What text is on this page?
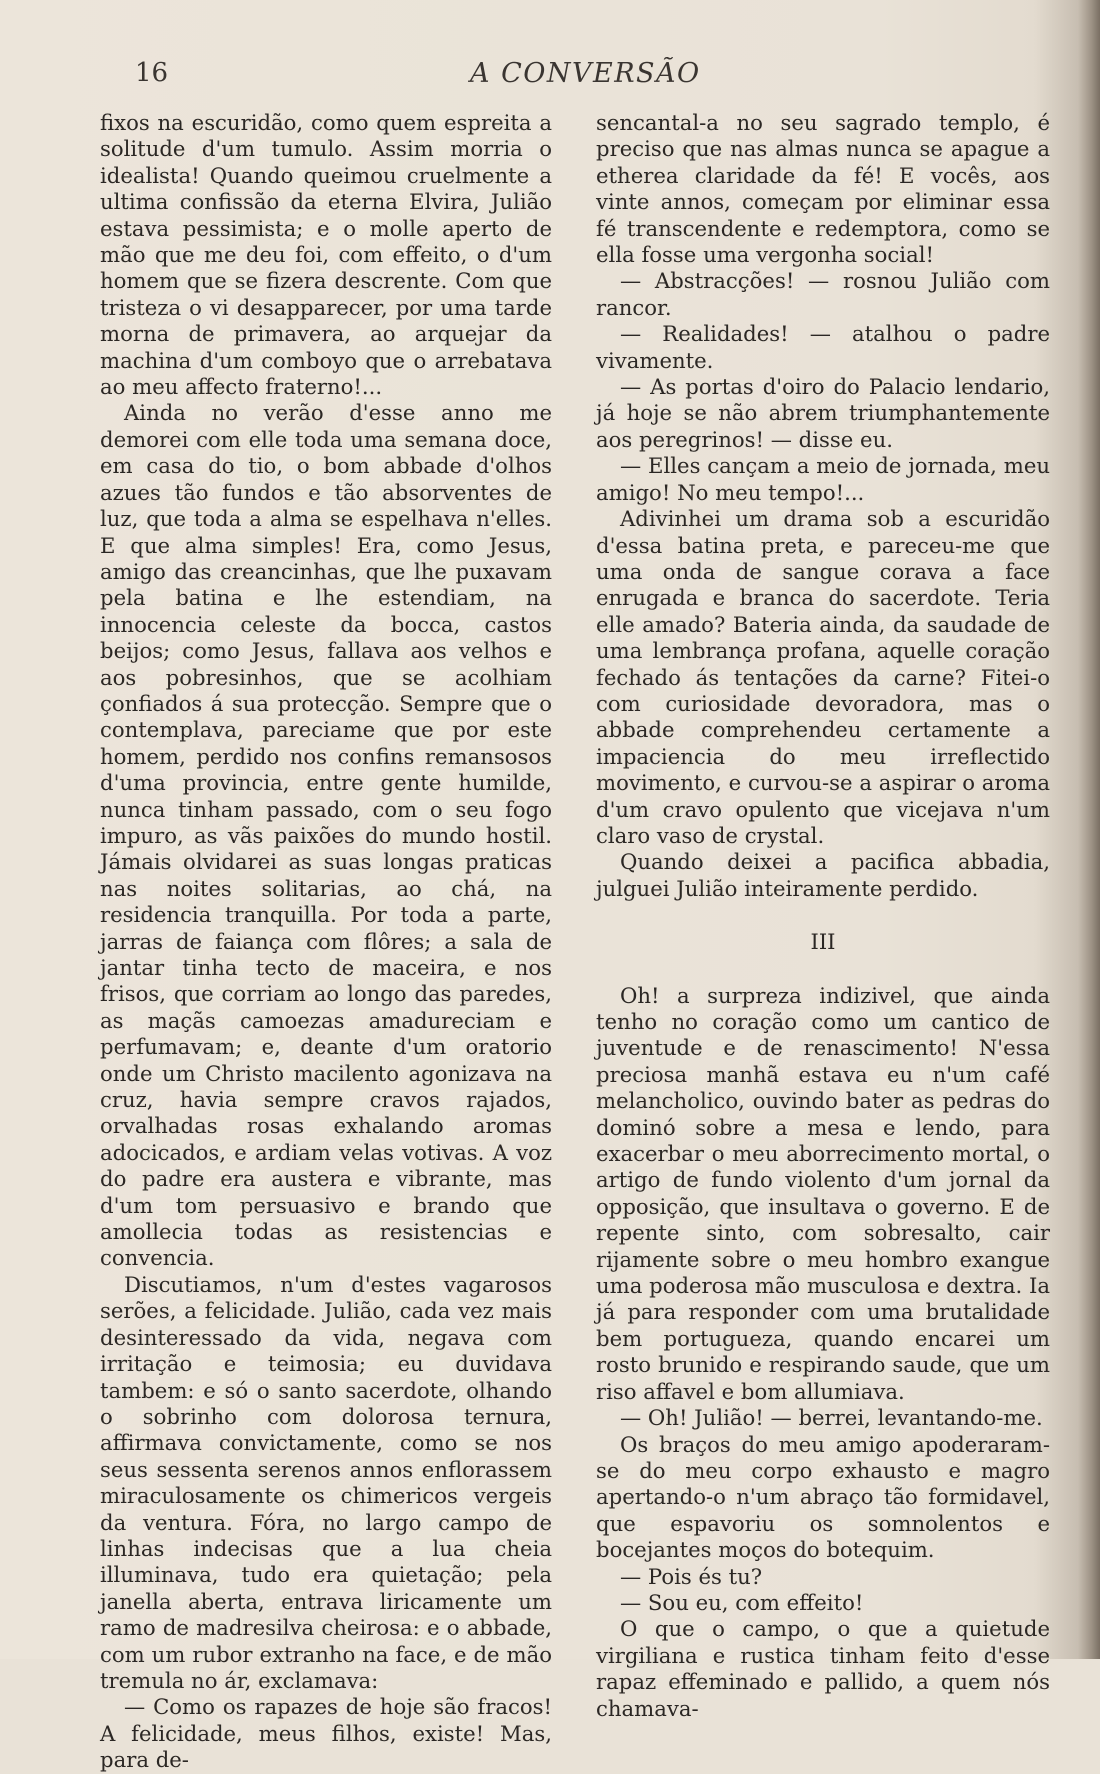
16	A CONVERSÃO

fixos na escuridão, como quem espreita a solitude d'um tumulo. Assim morria o idealista! Quando queimou cruelmente a ultima confissão da eterna Elvira, Julião estava pessimista; e o molle aperto de mão que me deu foi, com effeito, o d'um homem que se fizera descrente. Com que tristeza o vi desapparecer, por uma tarde morna de primavera, ao arquejar da machina d'um comboyo que o arrebatava ao meu affecto fraterno!...

Ainda no verão d'esse anno me demorei com elle toda uma semana doce, em casa do tio, o bom abbade d'olhos azues tão fundos e tão absorventes de luz, que toda a alma se espelhava n'elles. E que alma simples! Era, como Jesus, amigo das creancinhas, que lhe puxavam pela batina e lhe estendiam, na innocencia celeste da bocca, castos beijos; como Jesus, fallava aos velhos e aos pobresinhos, que se acolhiam çonfiados á sua protecção. Sempre que o contemplava, pareciame que por este homem, perdido nos confins remansosos d'uma provincia, entre gente humilde, nunca tinham passado, com o seu fogo impuro, as vãs paixões do mundo hostil. Jámais olvidarei as suas longas praticas nas noites solitarias, ao chá, na residencia tranquilla. Por toda a parte, jarras de faiança com flôres; a sala de jantar tinha tecto de maceira, e nos frisos, que corriam ao longo das paredes, as maçãs camoezas amadureciam e perfumavam; e, deante d'um oratorio onde um Christo macilento agonizava na cruz, havia sempre cravos rajados, orvalhadas rosas exhalando aromas adocicados, e ardiam velas votivas. A voz do padre era austera e vibrante, mas d'um tom persuasivo e brando que amollecia todas as resistencias e convencia.

Discutiamos, n'um d'estes vagarosos serões, a felicidade. Julião, cada vez mais desinteressado da vida, negava com irritação e teimosia; eu duvidava tambem: e só o santo sacerdote, olhando o sobrinho com dolorosa ternura, affirmava convictamente, como se nos seus sessenta serenos annos enflorassem miraculosamente os chimericos vergeis da ventura. Fóra, no largo campo de linhas indecisas que a lua cheia illuminava, tudo era quietação; pela janella aberta, entrava liricamente um ramo de madresilva cheirosa: e o abbade, com um rubor extranho na face, e de mão tremula no ár, exclamava:

— Como os rapazes de hoje são fracos! A felicidade, meus filhos, existe! Mas, para de-

sencantal-a no seu sagrado templo, é preciso que nas almas nunca se apague a etherea claridade da fé! E vocês, aos vinte annos, começam por eliminar essa fé transcendente e redemptora, como se ella fosse uma vergonha social!

— Abstracções! — rosnou Julião com rancor.

— Realidades! — atalhou o padre vivamente.

— As portas d'oiro do Palacio lendario, já hoje se não abrem triumphantemente aos peregrinos! — disse eu.

— Elles cançam a meio de jornada, meu amigo! No meu tempo!...

Adivinhei um drama sob a escuridão d'essa batina preta, e pareceu-me que uma onda de sangue corava a face enrugada e branca do sacerdote. Teria elle amado? Bateria ainda, da saudade de uma lembrança profana, aquelle coração fechado ás tentações da carne? Fitei-o com curiosidade devoradora, mas o abbade comprehendeu certamente a impaciencia do meu irreflectido movimento, e curvou-se a aspirar o aroma d'um cravo opulento que vicejava n'um claro vaso de crystal.

Quando deixei a pacifica abbadia, julguei Julião inteiramente perdido.

III

Oh! a surpreza indizivel, que ainda tenho no coração como um cantico de juventude e de renascimento! N'essa preciosa manhã estava eu n'um café melancholico, ouvindo bater as pedras do dominó sobre a mesa e lendo, para exacerbar o meu aborrecimento mortal, o artigo de fundo violento d'um jornal da opposição, que insultava o governo. E de repente sinto, com sobresalto, cair rijamente sobre o meu hombro exangue uma poderosa mão musculosa e dextra. Ia já para responder com uma brutalidade bem portugueza, quando encarei um rosto brunido e respirando saude, que um riso affavel e bom allumiava.

— Oh! Julião! — berrei, levantando-me.

Os braços do meu amigo apoderaram-se do meu corpo exhausto e magro apertando-o n'um abraço tão formidavel, que espavoriu os somnolentos e bocejantes moços do botequim.

— Pois és tu?

— Sou eu, com effeito!

O que o campo, o que a quietude virgiliana e rustica tinham feito d'esse rapaz effeminado e pallido, a quem nós chamava-
